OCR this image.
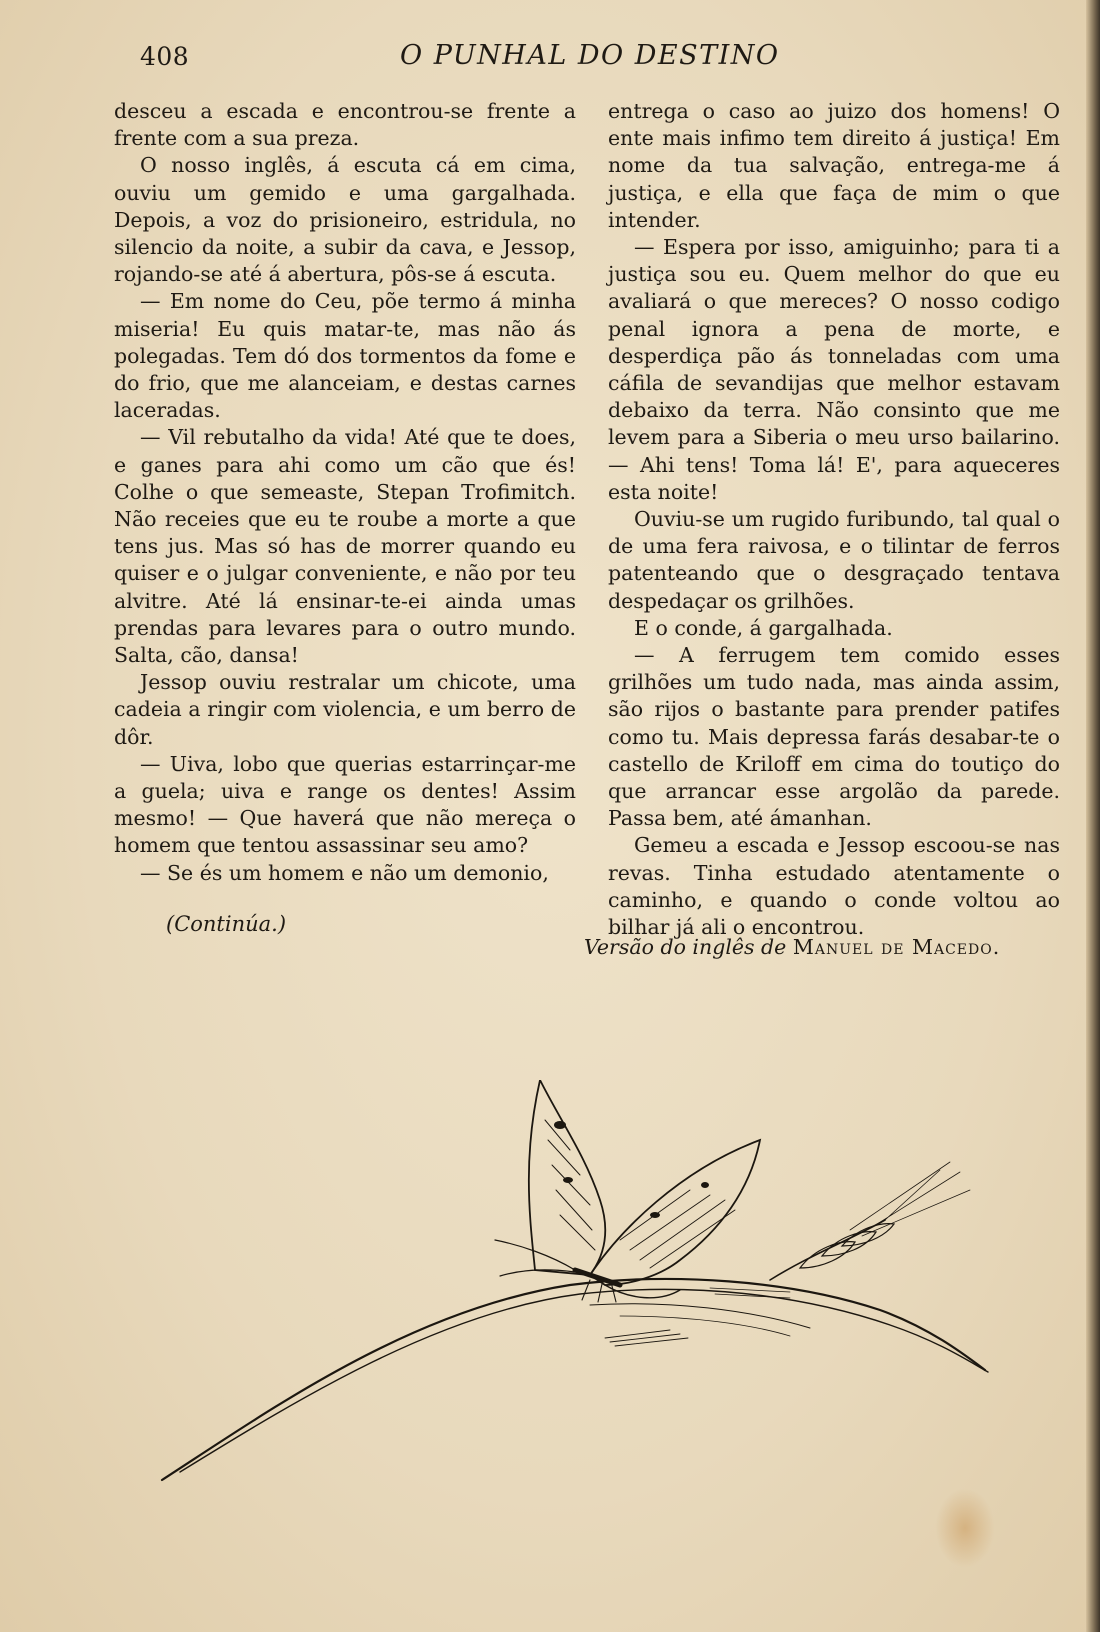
408	O PUNHAL DO DESTINO

desceu a escada e encontrou-se frente a frente com a sua preza.

O nosso inglês, á escuta cá em cima, ouviu um gemido e uma gargalhada. Depois, a voz do prisioneiro, estridula, no silencio da noite, a subir da cava, e Jessop, rojando-se até á abertura, pôs-se á escuta.

— Em nome do Ceu, põe termo á minha miseria! Eu quis matar-te, mas não ás polegadas. Tem dó dos tormentos da fome e do frio, que me alanceiam, e destas carnes laceradas.

— Vil rebutalho da vida! Até que te does, e ganes para ahi como um cão que és! Colhe o que semeaste, Stepan Trofimitch. Não receies que eu te roube a morte a que tens jus. Mas só has de morrer quando eu quiser e o julgar conveniente, e não por teu alvitre. Até lá ensinar-te-ei ainda umas prendas para levares para o outro mundo. Salta, cão, dansa!

Jessop ouviu restralar um chicote, uma cadeia a ringir com violencia, e um berro de dôr.

— Uiva, lobo que querias estarrinçar-me a guela; uiva e range os dentes! Assim mesmo! — Que haverá que não mereça o homem que tentou assassinar seu amo?

— Se és um homem e não um demonio,

entrega o caso ao juizo dos homens! O ente mais infimo tem direito á justiça! Em nome da tua salvação, entrega-me á justiça, e ella que faça de mim o que intender.

— Espera por isso, amiguinho; para ti a justiça sou eu. Quem melhor do que eu avaliará o que mereces? O nosso codigo penal ignora a pena de morte, e desperdiça pão ás tonneladas com uma cáfila de sevandijas que melhor estavam debaixo da terra. Não consinto que me levem para a Siberia o meu urso bailarino. — Ahi tens! Toma lá! E', para aqueceres esta noite!

Ouviu-se um rugido furibundo, tal qual o de uma fera raivosa, e o tilintar de ferros patenteando que o desgraçado tentava despedaçar os grilhões.

E o conde, á gargalhada.

— A ferrugem tem comido esses grilhões um tudo nada, mas ainda assim, são rijos o bastante para prender patifes como tu. Mais depressa farás desabar-te o castello de Kriloff em cima do toutiço do que arrancar esse argolão da parede. Passa bem, até ámanhan.

Gemeu a escada e Jessop escoou-se nas revas. Tinha estudado atentamente o caminho, e quando o conde voltou ao bilhar já ali o encontrou.

(Continúa.)
Versão do inglês de Manuel de Macedo.
